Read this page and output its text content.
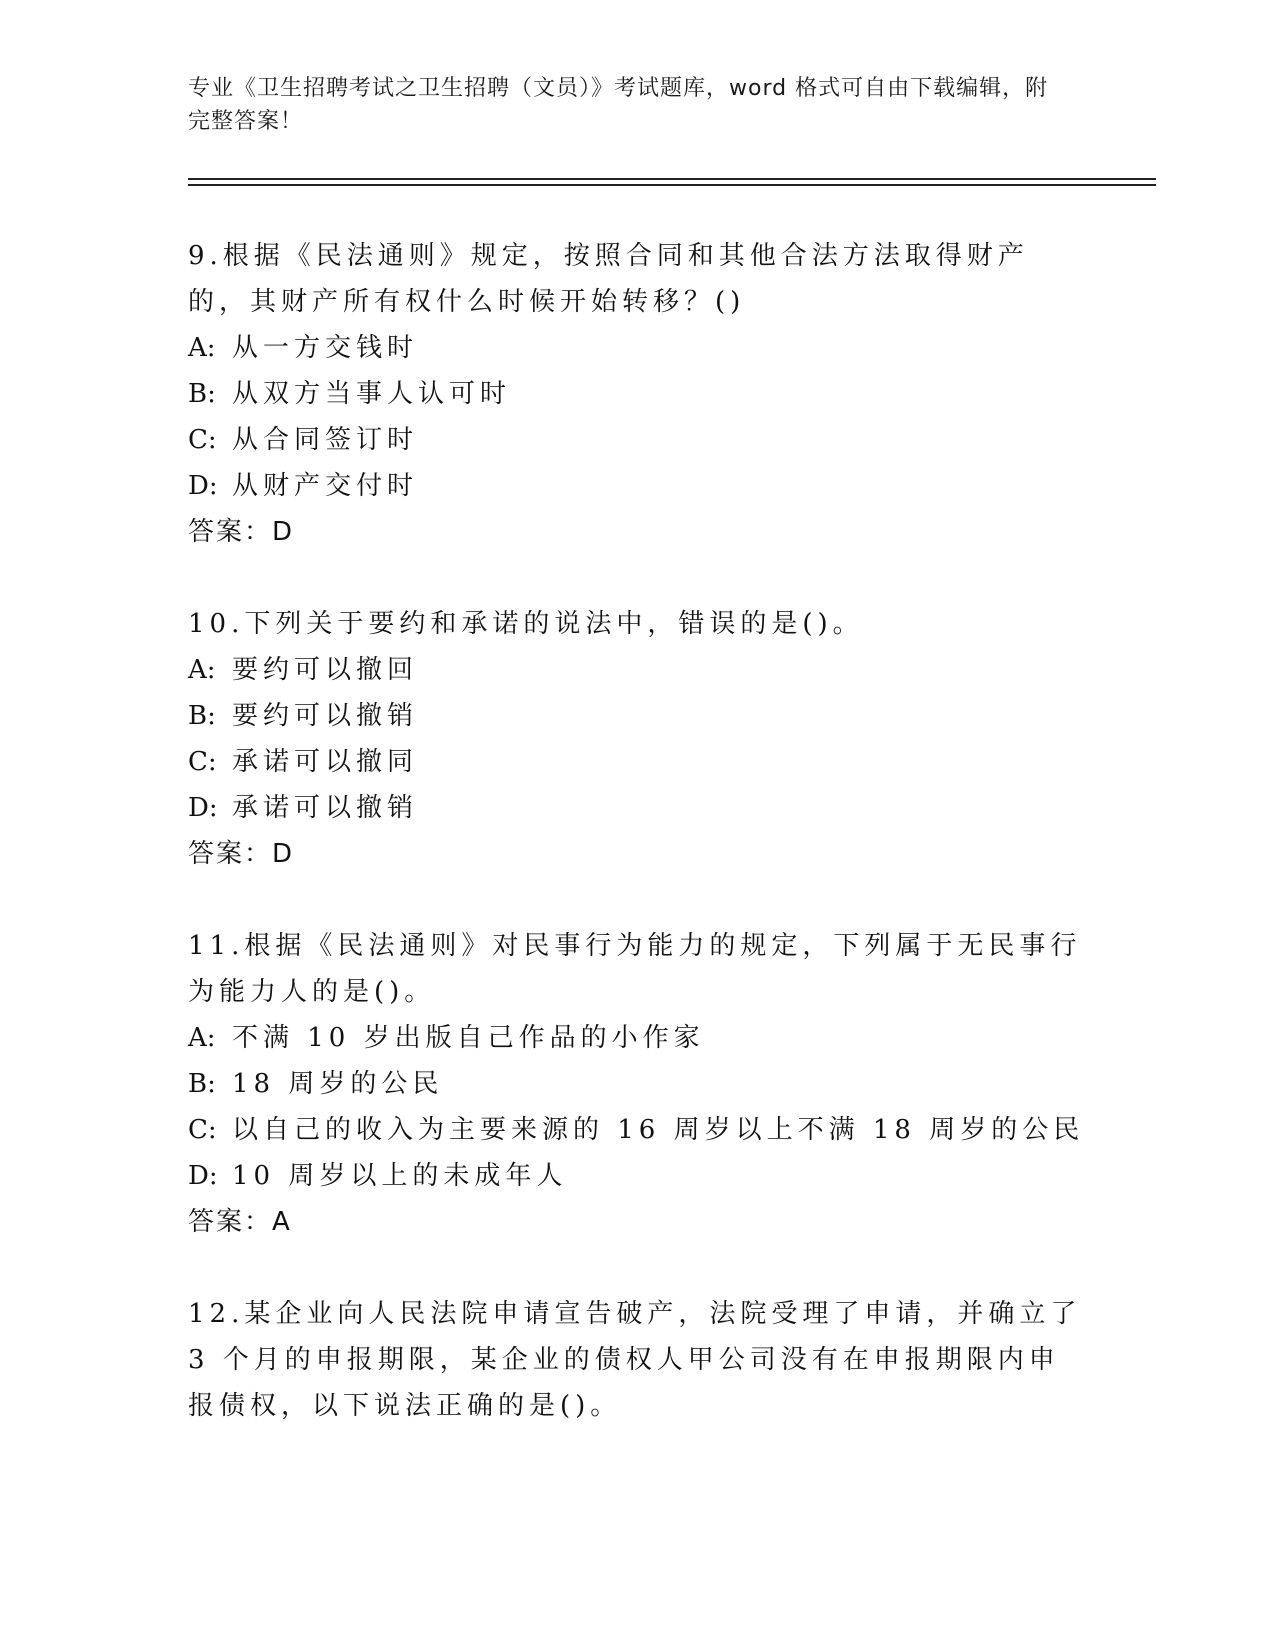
专业《卫生招聘考试之卫生招聘（文员）》考试题库，word 格式可自由下载编辑，附完整答案！

9.根据《民法通则》规定，按照合同和其他合法方法取得财产的，其财产所有权什么时候开始转移？()

A: 从一方交钱时

B: 从双方当事人认可时

C: 从合同签订时

D: 从财产交付时

答案：D

10.下列关于要约和承诺的说法中，错误的是()。

A: 要约可以撤回

B: 要约可以撤销

C: 承诺可以撤同

D: 承诺可以撤销

答案：D

11.根据《民法通则》对民事行为能力的规定，下列属于无民事行为能力人的是()。

A: 不满 10 岁出版自己作品的小作家

B: 18 周岁的公民

C: 以自己的收入为主要来源的 16 周岁以上不满 18 周岁的公民

D: 10 周岁以上的未成年人

答案：A

12.某企业向人民法院申请宣告破产，法院受理了申请，并确立了 3 个月的申报期限，某企业的债权人甲公司没有在申报期限内申报债权，以下说法正确的是()。
